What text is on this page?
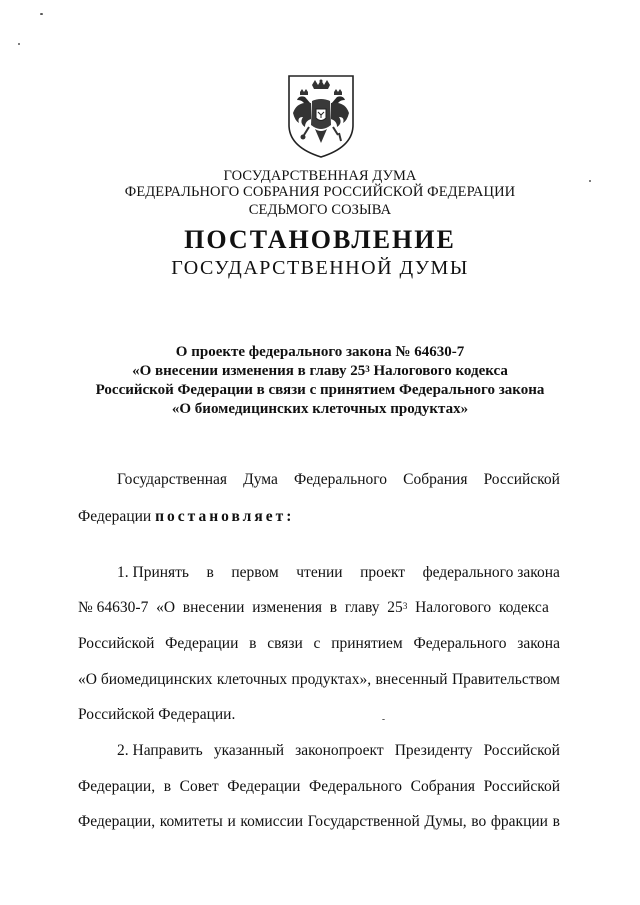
ГОСУДАРСТВЕННАЯ ДУМА
ФЕДЕРАЛЬНОГО СОБРАНИЯ РОССИЙСКОЙ ФЕДЕРАЦИИ
СЕДЬМОГО СОЗЫВА
ПОСТАНОВЛЕНИЕ
ГОСУДАРСТВЕННОЙ ДУМЫ
О проекте федерального закона № 64630-7
«О внесении изменения в главу $25^3$ Налогового кодекса
Российской Федерации в связи с принятием Федерального закона
«О биомедицинских клеточных продуктах»
Государственная Дума Федерального Собрания Российской
Федерации постановляет:
1. Принять в первом чтении проект федерального закона
№ 64630-7  «О  внесении  изменения  в  главу  $25^3$  Налогового  кодекса
Российской Федерации в связи с принятием Федерального закона
«О биомедицинских клеточных продуктах», внесенный Правительством
Российской Федерации.
2. Направить указанный законопроект Президенту Российской
Федерации, в Совет Федерации Федерального Собрания Российской
Федерации, комитеты и комиссии Государственной Думы, во фракции в
